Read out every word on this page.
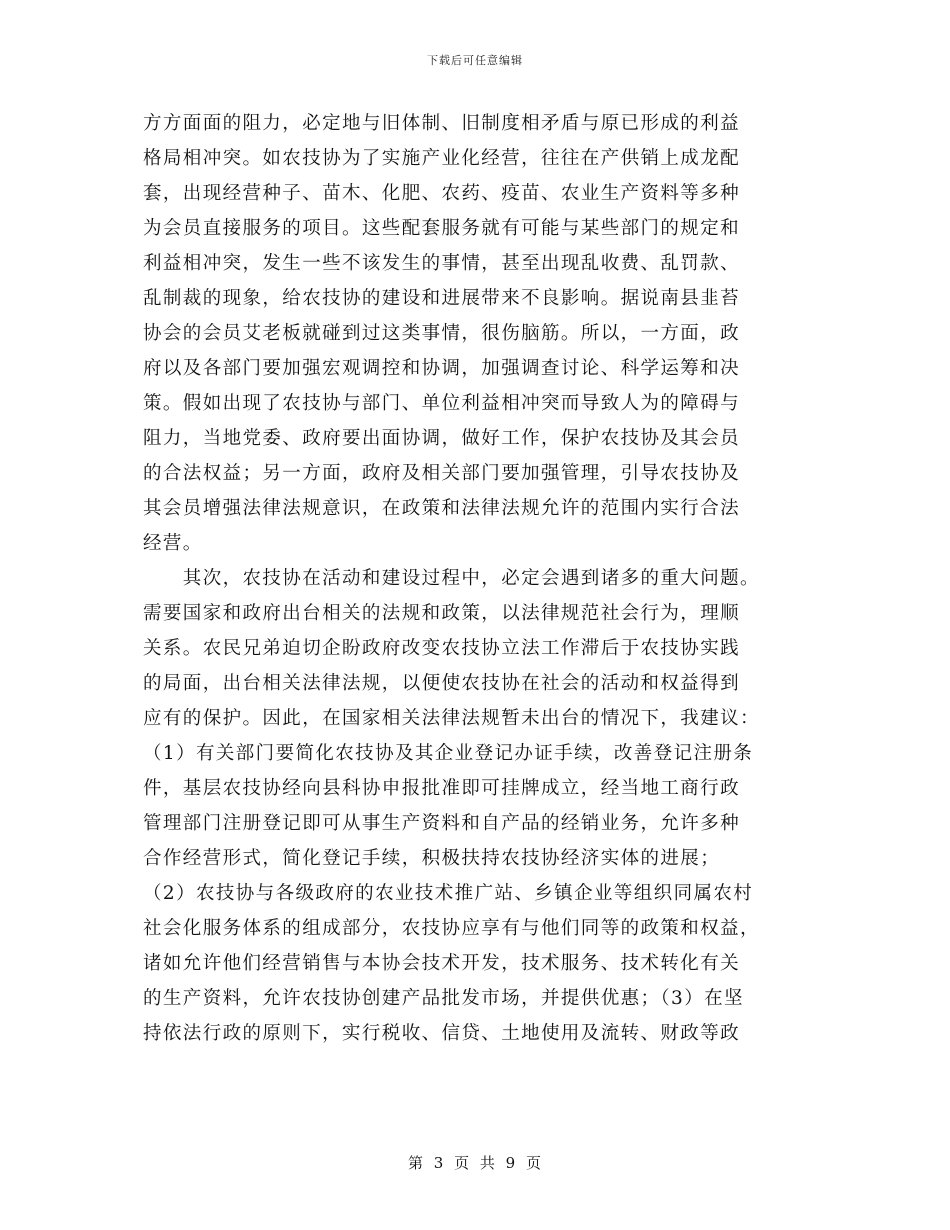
下载后可任意编辑
方方面面的阻力，必定地与旧体制、旧制度相矛盾与原已形成的利益
格局相冲突。如农技协为了实施产业化经营，往往在产供销上成龙配
套，出现经营种子、苗木、化肥、农药、疫苗、农业生产资料等多种
为会员直接服务的项目。这些配套服务就有可能与某些部门的规定和
利益相冲突，发生一些不该发生的事情，甚至出现乱收费、乱罚款、
乱制裁的现象，给农技协的建设和进展带来不良影响。据说南县韭苔
协会的会员艾老板就碰到过这类事情，很伤脑筋。所以，一方面，政
府以及各部门要加强宏观调控和协调，加强调查讨论、科学运筹和决
策。假如出现了农技协与部门、单位利益相冲突而导致人为的障碍与
阻力，当地党委、政府要出面协调，做好工作，保护农技协及其会员
的合法权益；另一方面，政府及相关部门要加强管理，引导农技协及
其会员增强法律法规意识，在政策和法律法规允许的范围内实行合法
经营。
　　其次，农技协在活动和建设过程中，必定会遇到诸多的重大问题。
需要国家和政府出台相关的法规和政策，以法律规范社会行为，理顺
关系。农民兄弟迫切企盼政府改变农技协立法工作滞后于农技协实践
的局面，出台相关法律法规，以便使农技协在社会的活动和权益得到
应有的保护。因此，在国家相关法律法规暂未出台的情况下，我建议：
（1）有关部门要简化农技协及其企业登记办证手续，改善登记注册条
件，基层农技协经向县科协申报批准即可挂牌成立，经当地工商行政
管理部门注册登记即可从事生产资料和自产品的经销业务，允许多种
合作经营形式，简化登记手续，积极扶持农技协经济实体的进展；
（2）农技协与各级政府的农业技术推广站、乡镇企业等组织同属农村
社会化服务体系的组成部分，农技协应享有与他们同等的政策和权益，
诸如允许他们经营销售与本协会技术开发，技术服务、技术转化有关
的生产资料，允许农技协创建产品批发市场，并提供优惠；（3）在坚
持依法行政的原则下，实行税收、信贷、土地使用及流转、财政等政
第 3 页 共 9 页
